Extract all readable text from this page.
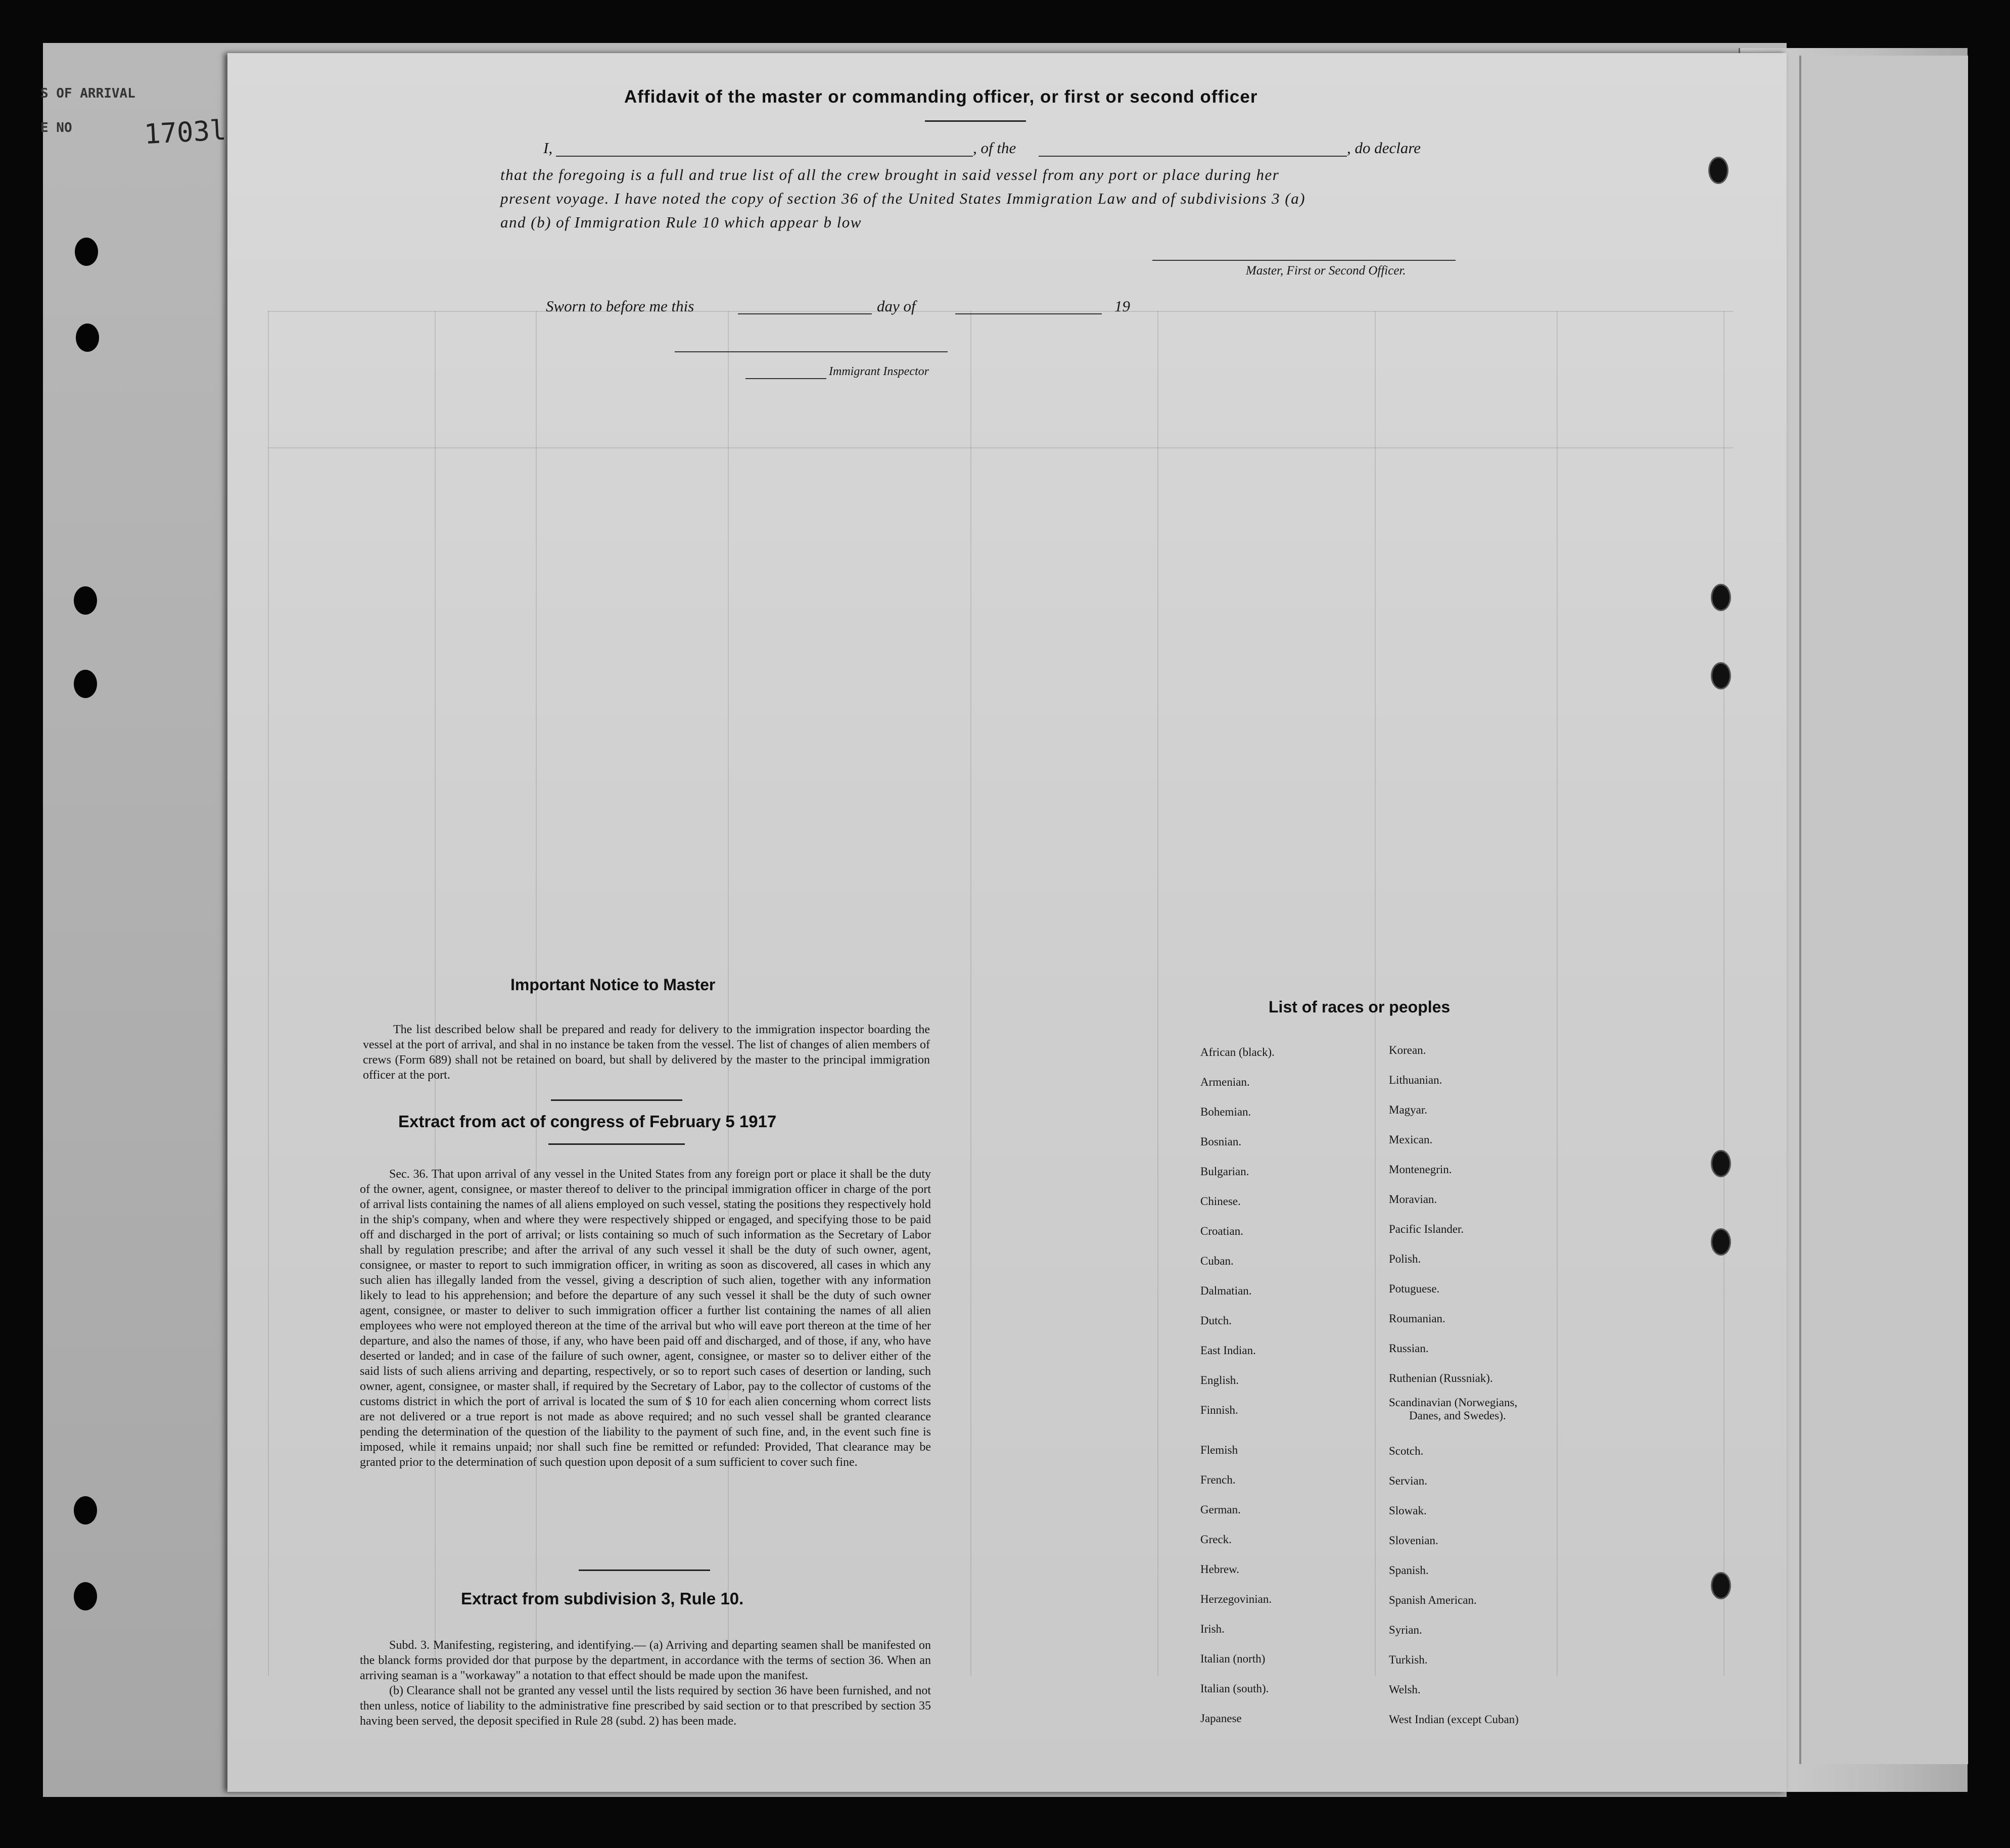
S OF ARRIVAL
E NO	1703l
Affidavit of the master or commanding officer, or first or second officer
I,	, of the	, do declare
that the foregoing is a full and true list of all the crew brought in said vessel from any port or place during her
present voyage. I have noted the copy of section 36 of the United States Immigration Law and of subdivisions 3 (a)
and (b) of Immigration Rule 10 which appear b low
Master, First or Second Officer.
Sworn to before me this	day of	19
Immigrant Inspector
Important Notice to Master

The list described below shall be prepared and ready for delivery to the immigration inspector boarding the vessel at the port of arrival, and shal in no instance be taken from the vessel. The list of changes of alien members of crews (Form 689) shall not be retained on board, but shall by delivered by the master to the principal immigration officer at the port.

Extract from act of congress of February 5 1917

Sec. 36. That upon arrival of any vessel in the United States from any foreign port or place it shall be the duty of the owner, agent, consignee, or master thereof to deliver to the principal immigration officer in charge of the port of arrival lists containing the names of all aliens employed on such vessel, stating the positions they respectively hold in the ship's company, when and where they were respectively shipped or engaged, and specifying those to be paid off and discharged in the port of arrival; or lists containing so much of such information as the Secretary of Labor shall by regulation prescribe; and after the arrival of any such vessel it shall be the duty of such owner, agent, consignee, or master to report to such immigration officer, in writing as soon as discovered, all cases in which any such alien has illegally landed from the vessel, giving a description of such alien, together with any information likely to lead to his apprehension; and before the departure of any such vessel it shall be the duty of such owner agent, consignee, or master to deliver to such immigration officer a further list containing the names of all alien employees who were not employed thereon at the time of the arrival but who will eave port thereon at the time of her departure, and also the names of those, if any, who have been paid off and discharged, and of those, if any, who have deserted or landed; and in case of the failure of such owner, agent, consignee, or master so to deliver either of the said lists of such aliens arriving and departing, respectively, or so to report such cases of desertion or landing, such owner, agent, consignee, or master shall, if required by the Secretary of Labor, pay to the collector of customs of the customs district in which the port of arrival is located the sum of $ 10 for each alien concerning whom correct lists are not delivered or a true report is not made as above required; and no such vessel shall be granted clearance pending the determination of the question of the liability to the payment of such fine, and, in the event such fine is imposed, while it remains unpaid; nor shall such fine be remitted or refunded: Provided, That clearance may be granted prior to the determination of such question upon deposit of a sum sufficient to cover such fine.

Extract from subdivision 3, Rule 10.

Subd. 3. Manifesting, registering, and identifying.— (a) Arriving and departing seamen shall be manifested on the blanck forms provided dor that purpose by the department, in accordance with the terms of section 36. When an arriving seaman is a "workaway" a notation to that effect should be made upon the manifest.

(b) Clearance shall not be granted any vessel until the lists required by section 36 have been furnished, and not then unless, notice of liability to the administrative fine prescribed by said section or to that prescribed by section 35 having been served, the deposit specified in Rule 28 (subd. 2) has been made.

List of races or peoples
African (black).
Armenian.
Bohemian.
Bosnian.
Bulgarian.
Chinese.
Croatian.
Cuban.
Dalmatian.
Dutch.
East Indian.
English.
Finnish.
Flemish
French.
German.
Greck.
Hebrew.
Herzegovinian.
Irish.
Italian (north)
Italian (south).
Japanese
Korean.
Lithuanian.
Magyar.
Mexican.
Montenegrin.
Moravian.
Pacific Islander.
Polish.
Potuguese.
Roumanian.
Russian.
Ruthenian (Russniak).
Scandinavian (Norwegians,
Danes, and Swedes).
Scotch.
Servian.
Slowak.
Slovenian.
Spanish.
Spanish American.
Syrian.
Turkish.
Welsh.
West Indian (except Cuban)
